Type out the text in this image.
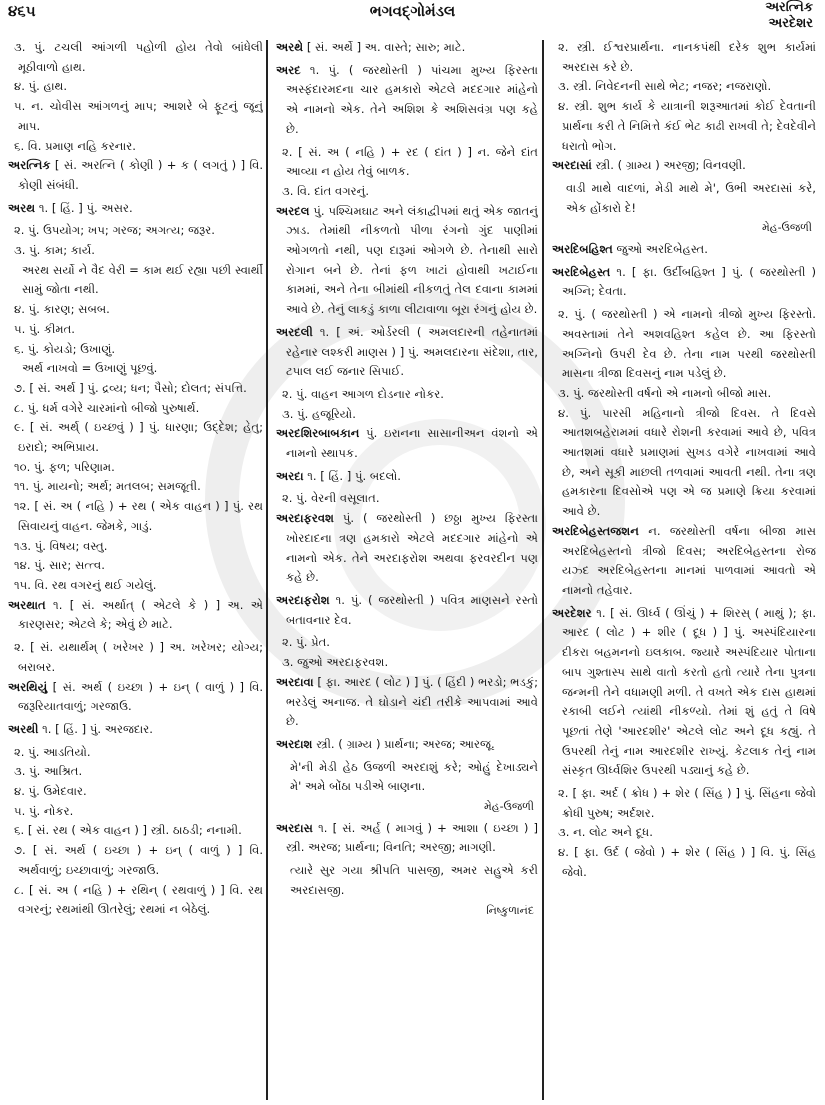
૪૬૫	ભગવદ્ગોમંડલ	અરત્નિક
અરદેશર

૩. પું. ટચલી આંગળી પહોળી હોય તેવો બાંધેલી મૂઠીવાળો હાથ.

૪. પું. હાથ.

૫. ન. ચોવીસ આંગળનું માપ; આશરે બે ફૂટનું જૂનું માપ.

૬. વિ. પ્રમાણ નહિ કરનાર.

અરત્નિક [ સં. અરત્નિ ( કોણી ) + ક ( લગતું ) ] વિ. કોણી સંબંધી.

અરથ ૧. [ હિં. ] પું. અસર.

૨. પું. ઉપયોગ; ખપ; ગરજ; અગત્ય; જરૂર.

૩. પું. કામ; કાર્ય.

અરથ સર્યો ને વૈદ વેરી = કામ થઈ રહ્યા પછી સ્વાર્થી સામું જોતા નથી.

૪. પું. કારણ; સબબ.

૫. પું. કીમત.

૬. પું. કોયડો; ઉખાણું.

અર્થ નાખવો = ઉખાણું પૂછવું.

૭. [ સં. અર્થ ] પું. દ્રવ્ય; ધન; પૈસો; દોલત; સંપત્તિ.

૮. પું. ધર્મ વગેરે ચારમાંનો બીજો પુરુષાર્થ.

૯. [ સં. અર્થ્ ( ઇચ્છવું ) ] પું. ધારણા; ઉદ્દેશ; હેતુ; ઇરાદો; અભિપ્રાય.

૧૦. પું. ફળ; પરિણામ.

૧૧. પું. માયનો; અર્થ; મતલબ; સમજૂતી.

૧૨. [ સં. અ ( નહિ ) + રથ ( એક વાહન ) ] પું. રથ સિવાયનું વાહન. જેમકે, ગાડું.

૧૩. પું. વિષય; વસ્તુ.

૧૪. પું. સાર; સત્ત્વ.

૧૫. વિ. રથ વગરનું થઈ ગયેલું.

અરથાત ૧. [ સં. અર્થાત્ ( એટલે કે ) ] અ. એ કારણસર; એટલે કે; એવું છે માટે.

૨. [ સં. યથાર્થમ્ ( ખરેખર ) ] અ. ખરેખર; યોગ્ય; બરાબર.

અરથિયું [ સં. અર્થ ( ઇચ્છા ) + ઇન્ ( વાળું ) ] વિ. જરૂરિયાતવાળું; ગરજાઉ.

અરથી ૧. [ હિં. ] પું. અરજદાર.

૨. પું. આડતિયો.

૩. પું. આશ્રિત.

૪. પું. ઉમેદવાર.

૫. પું. નોકર.

૬. [ સં. રથ ( એક વાહન ) ] સ્ત્રી. ઠાઠડી; નનામી.

૭. [ સં. અર્થ ( ઇચ્છા ) + ઇન્ ( વાળું ) ] વિ. અર્થવાળું; ઇચ્છાવાળું; ગરજાઉ.

૮. [ સં. અ ( નહિ ) + રથિન્ ( રથવાળું ) ] વિ. રથ વગરનું; રથમાંથી ઊતરેલું; રથમાં ન બેઠેલું.

અરથે [ સં. અર્થે ] અ. વાસ્તે; સારુ; માટે.

અરદ ૧. પું. ( જરથોસ્તી ) પાંચમા મુખ્ય ફિરસ્તા અસ્ફંદારમદના ચાર હમકારો એટલે મદદગાર માંહેનો એ નામનો એક. તેને અશિશ કે અશિસવંગ્ર પણ કહે છે.

૨. [ સં. અ ( નહિ ) + રદ ( દાંત ) ] ન. જેને દાંત આવ્યા ન હોય તેવું બાળક.

૩. વિ. દાંત વગરનું.

અરદલ પું. પશ્ચિમઘાટ અને લંકાદ્વીપમાં થતું એક જાતનું ઝાડ. તેમાંથી નીકળતો પીળા રંગનો ગુંદ પાણીમાં ઓગળતો નથી, પણ દારૂમાં ઓગળે છે. તેનાથી સારો રોગાન બને છે. તેનાં ફળ ખાટાં હોવાથી ખટાઈના કામમાં, અને તેના બીમાંથી નીકળતું તેલ દવાના કામમાં આવે છે. તેનું લાકડું કાળા લીટાવાળા બૂરા રંગનું હોય છે.

અરદલી ૧. [ અં. ઓર્ડરલી ( અમલદારની તહેનાતમાં રહેનાર લશ્કરી માણસ ) ] પું. અમલદારના સંદેશા, તાર, ટપાલ લઈ જનાર સિપાઈ.

૨. પું. વાહન આગળ દોડનાર નોકર.

૩. પું. હજૂરિયો.

અરદશિરબાબકાન પું. ઇરાનના સાસાનીઅન વંશનો એ નામનો સ્થાપક.

અરદા ૧. [ હિં. ] પું. બદલો.

૨. પું. વેરની વસૂલાત.

અરદાફરવશ પું. ( જરથોસ્તી ) છઠ્ઠા મુખ્ય ફિરસ્તા ખોરદાદના ત્રણ હમકારો એટલે મદદગાર માંહેનો એ નામનો એક. તેને અરદાફરોશ અથવા ફરવરદીન પણ કહે છે.

અરદાફરોશ ૧. પું. ( જરથોસ્તી ) પવિત્ર માણસને રસ્તો બતાવનાર દેવ.

૨. પું. પ્રેત.

૩. જુઓ અરદાફરવશ.

અરદાવા [ ફા. આરદ ( લોટ ) ] પું. ( હિંદી ) ભરડો; ભડકું; ભરડેલું અનાજ. તે ઘોડાને ચંદી તરીકે આપવામાં આવે છે.

અરદાશ સ્ત્રી. ( ગ્રામ્ય ) પ્રાર્થના; અરજ; આરજૂ.

મે'ની મેડી હેઠ ઉજળી અરદાશું કરે; ઓહું દેખાડ્યને મે' અમે બોંઠા પડીએ બાણના.

મેહ-ઉજળી

અરદાસ ૧. [ સં. અર્હ ( માગવું ) + આશા ( ઇચ્છા ) ] સ્ત્રી. અરજ; પ્રાર્થના; વિનતિ; અરજી; માગણી.

ત્યારે સુર ગયા શ્રીપતિ પાસજી, અમર સહુએ કરી અરદાસજી.

નિષ્કુળાનંદ

૨. સ્ત્રી. ઈશ્વરપ્રાર્થના. નાનકપંથી દરેક શુભ કાર્યમાં અરદાસ કરે છે.

૩. સ્ત્રી. નિવેદનની સાથે ભેટ; નજર; નજરાણો.

૪. સ્ત્રી. શુભ કાર્ય કે યાત્રાની શરૂઆતમાં કોઈ દેવતાની પ્રાર્થના કરી તે નિમિત્તે કંઈ ભેટ કાઢી રાખવી તે; દેવદેવીને ધરાતો ભોગ.

અરદાસાં સ્ત્રી. ( ગ્રામ્ય ) અરજી; વિનવણી.

વાડી માથે વાદળાં, મેડી માથે મે', ઉભી અરદાસાં કરે, એક હોંકારો દે!

મેહ-ઉજળી

અરદિબહિશ્ત જુઓ અરદિબેહસ્ત.

અરદિબેહસ્ત ૧. [ ફા. ઉર્દીબહિશ્ત ] પું. ( જરથોસ્તી ) અગ્નિ; દેવતા.

૨. પું. ( જરથોસ્તી ) એ નામનો ત્રીજો મુખ્ય ફિરસ્તો. અવસ્તામાં તેને અશવહિશ્ત કહેલ છે. આ ફિરસ્તો અગ્નિનો ઉપરી દેવ છે. તેના નામ પરથી જરથોસ્તી માસના ત્રીજા દિવસનું નામ પડેલું છે.

૩. પું. જરથોસ્તી વર્ષનો એ નામનો બીજો માસ.

૪. પું. પારસી મહિનાનો ત્રીજો દિવસ. તે દિવસે આતશબહેરામમાં વધારે રોશની કરવામાં આવે છે, પવિત્ર આતશમાં વધારે પ્રમાણમાં સુખડ વગેરે નાખવામાં આવે છે, અને સૂકી માછલી તળવામાં આવતી નથી. તેના ત્રણ હમકારના દિવસોએ પણ એ જ પ્રમાણે ક્રિયા કરવામાં આવે છે.

અરદિબેહસ્તજશન ન. જરથોસ્તી વર્ષના બીજા માસ અરદિબેહસ્તનો ત્રીજો દિવસ; અરદિબેહસ્તના રોજ યઝ્દ અરદિબેહસ્તના માનમાં પાળવામાં આવતો એ નામનો તહેવાર.

અરદેશર ૧. [ સં. ઊર્ધ્વ ( ઊંચું ) + શિરસ્ ( માથું ); ફા. આરદ ( લોટ ) + શીર ( દૂધ ) ] પું. અસ્પંદિયારના દીકરા બહમનનો ઇલકાબ. જ્યારે અસ્પંદિયાર પોતાના બાપ ગુશ્તાસ્પ સાથે વાતો કરતો હતો ત્યારે તેના પુત્રના જન્મની તેને વધામણી મળી. તે વખતે એક દાસ હાથમાં રકાબી લઈને ત્યાંથી નીકળ્યો. તેમાં શું હતું તે વિષે પૂછતાં તેણે 'આરદશીર' એટલે લોટ અને દૂધ કહ્યું. તે ઉપરથી તેનું નામ આરદશીર રાખ્યું. કેટલાક તેનું નામ સંસ્કૃત ઊર્ધ્વશિર ઉપરથી પડ્યાનું કહે છે.

૨. [ ફા. અર્દ ( ક્રોધ ) + શેર ( સિંહ ) ] પું. સિંહના જેવો ક્રોધી પુરુષ; અર્દશર.

૩. ન. લોટ અને દૂધ.

૪. [ ફા. ઉર્દ ( જેવો ) + શેર ( સિંહ ) ] વિ. પું. સિંહ જેવો.
